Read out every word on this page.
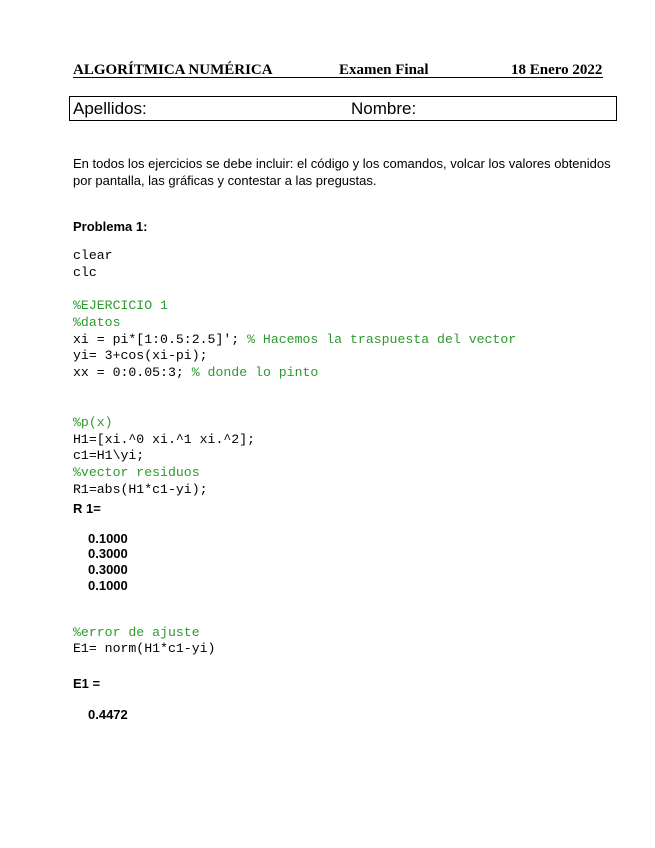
ALGORÍTMICA NUMÉRICA	Examen Final	18 Enero 2022
Apellidos:	Nombre:
En todos los ejercicios se debe incluir: el código y los comandos, volcar los valores obtenidos
por pantalla, las gráficas y contestar a las pregustas.
Problema 1:
clear
clc
%EJERCICIO 1
%datos
xi = pi*[1:0.5:2.5]'; % Hacemos la traspuesta del vector
yi= 3+cos(xi-pi);
xx = 0:0.05:3; % donde lo pinto
%p(x)
H1=[xi.^0 xi.^1 xi.^2];
c1=H1\yi;
%vector residuos
R1=abs(H1*c1-yi);
R 1=
0.1000
0.3000
0.3000
0.1000
%error de ajuste
E1= norm(H1*c1-yi)
E1 =
0.4472
